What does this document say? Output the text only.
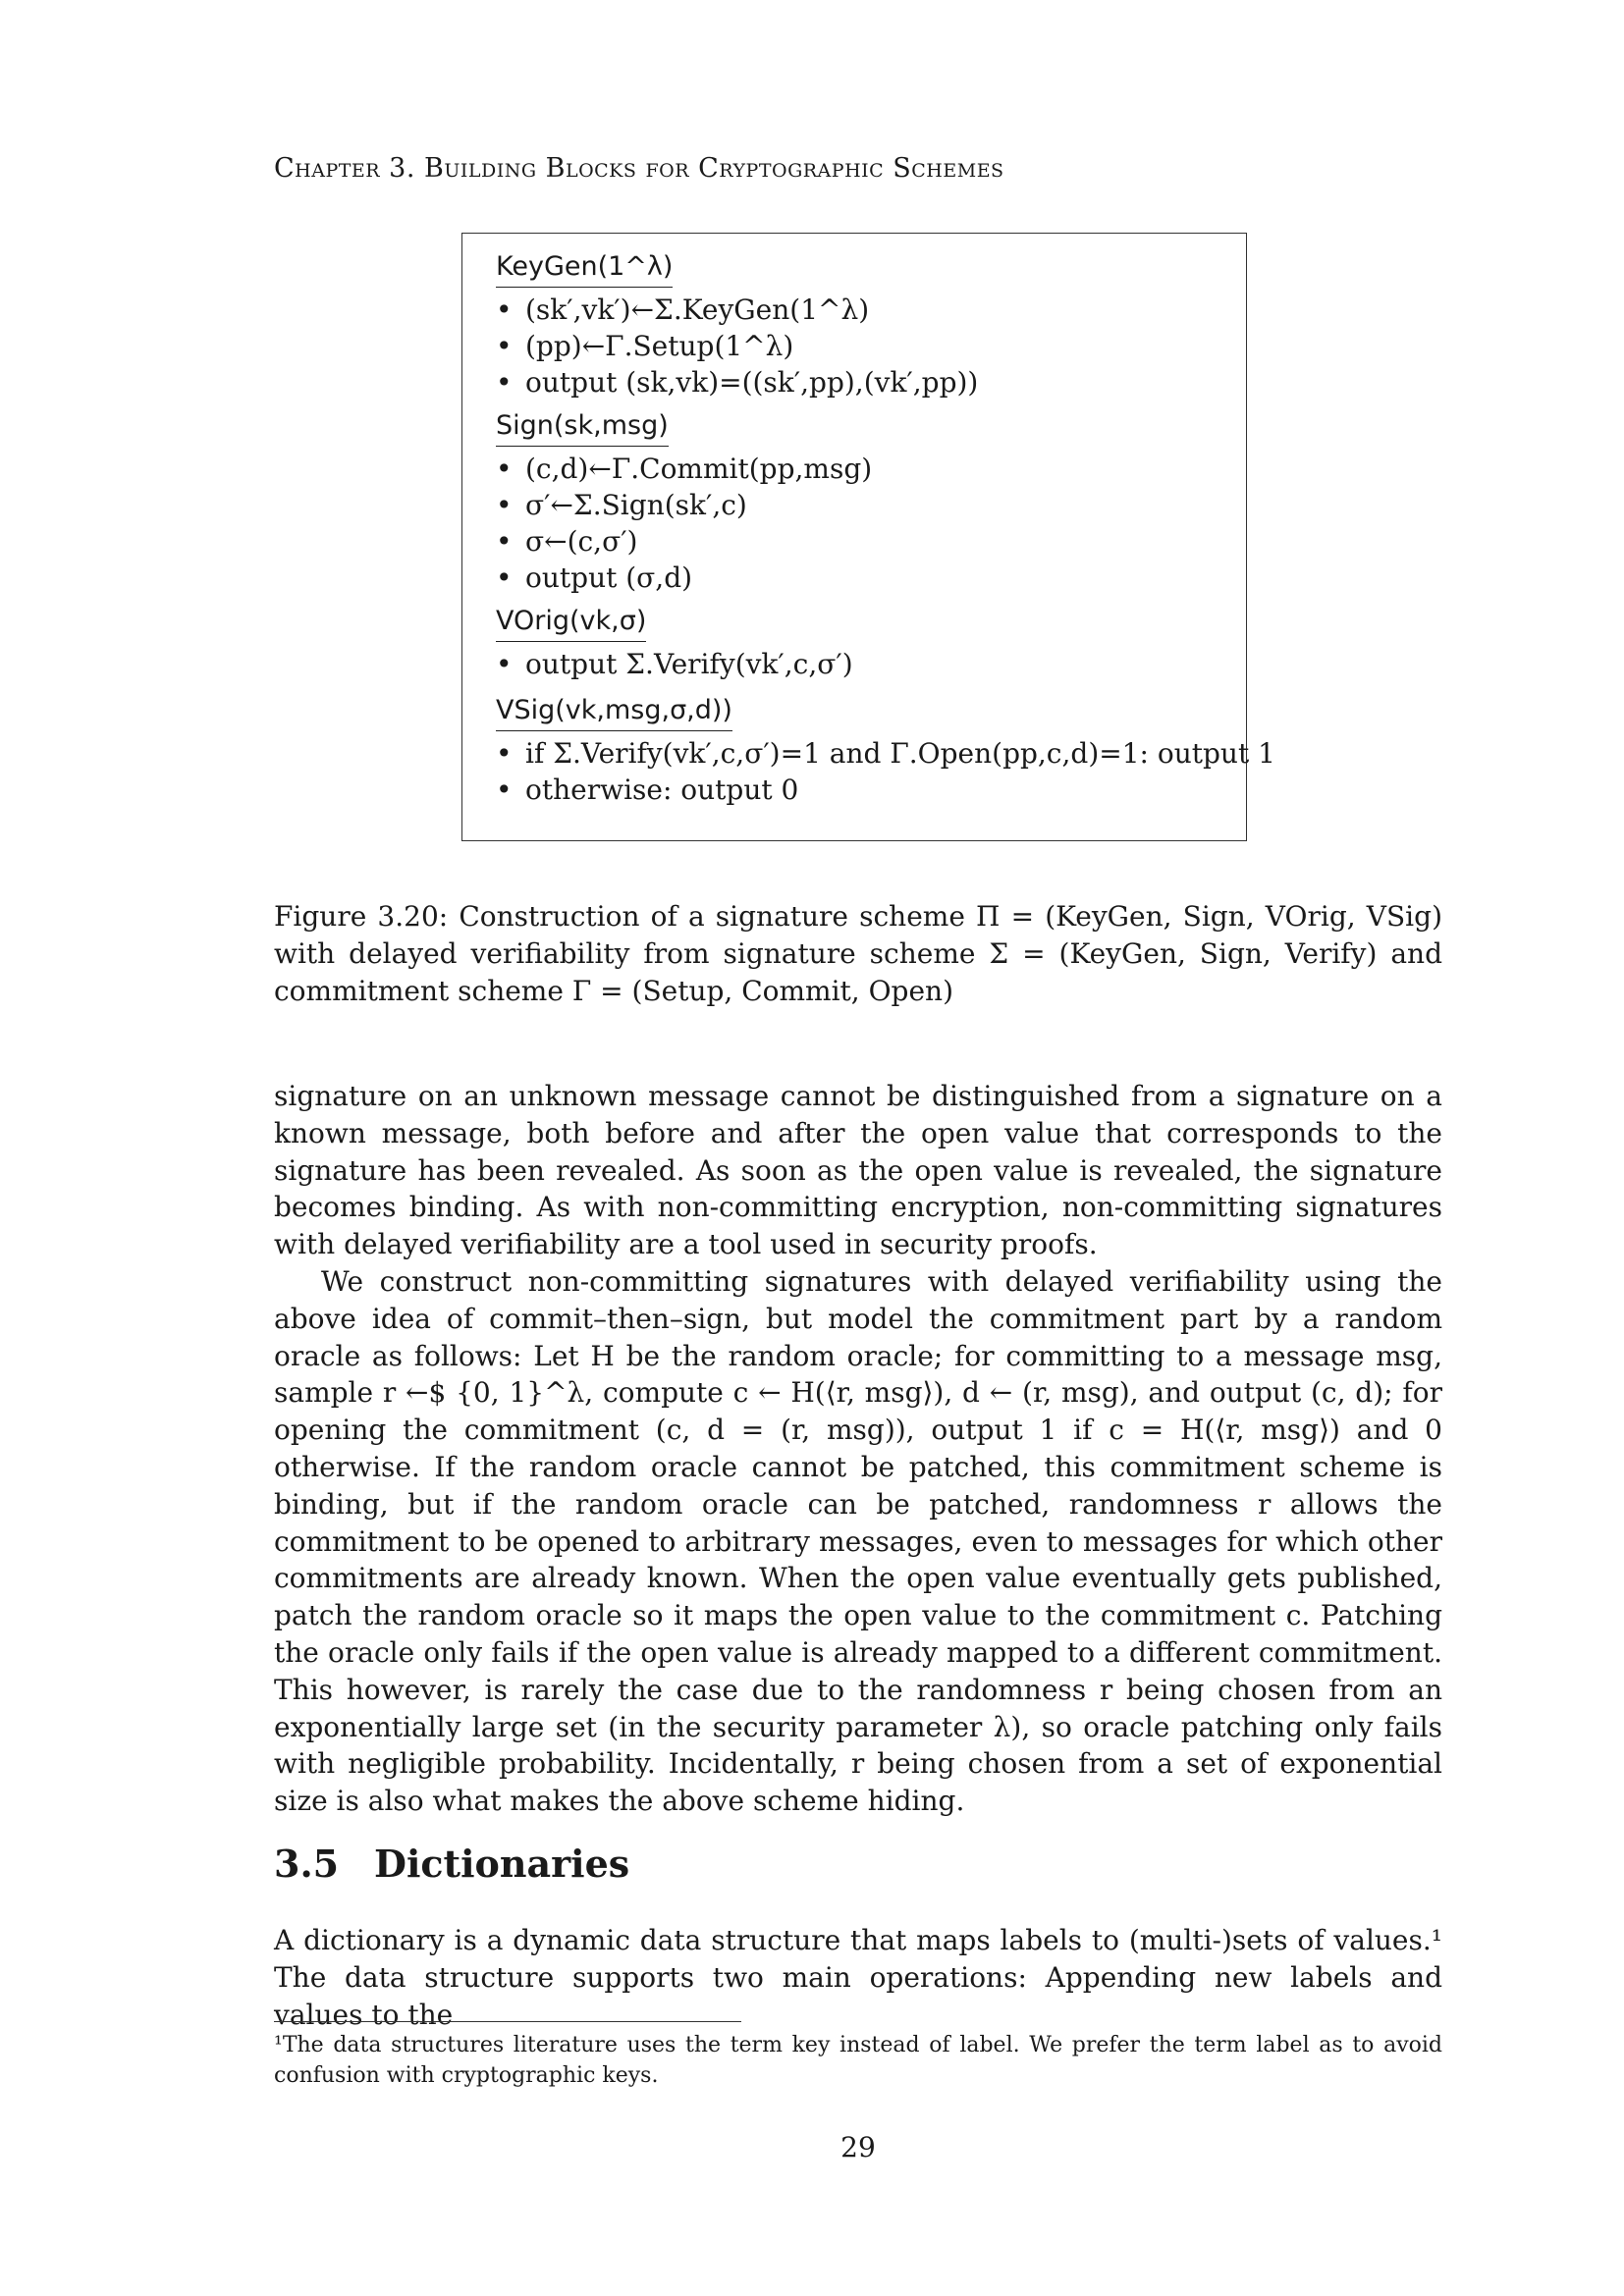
Chapter 3. Building Blocks for Cryptographic Schemes
KeyGen(1^λ)
• (sk′,vk′)←Σ.KeyGen(1^λ)
• (pp)←Γ.Setup(1^λ)
• output (sk,vk)=((sk′,pp),(vk′,pp))
Sign(sk,msg)
• (c,d)←Γ.Commit(pp,msg)
• σ′←Σ.Sign(sk′,c)
• σ←(c,σ′)
• output (σ,d)
VOrig(vk,σ)
• output Σ.Verify(vk′,c,σ′)
VSig(vk,msg,σ,d))
• if Σ.Verify(vk′,c,σ′)=1 and Γ.Open(pp,c,d)=1: output 1
• otherwise: output 0
Figure 3.20: Construction of a signature scheme Π = (KeyGen, Sign, VOrig, VSig) with delayed verifiability from signature scheme Σ = (KeyGen, Sign, Verify) and commitment scheme Γ = (Setup, Commit, Open)
signature on an unknown message cannot be distinguished from a signature on a known message, both before and after the open value that corresponds to the signature has been revealed. As soon as the open value is revealed, the signature becomes binding. As with non-committing encryption, non-committing signatures with delayed verifiability are a tool used in security proofs.
We construct non-committing signatures with delayed verifiability using the above idea of commit–then–sign, but model the commitment part by a random oracle as follows: Let H be the random oracle; for committing to a message msg, sample r ←$ {0, 1}^λ, compute c ← H(⟨r, msg⟩), d ← (r, msg), and output (c, d); for opening the commitment (c, d = (r, msg)), output 1 if c = H(⟨r, msg⟩) and 0 otherwise. If the random oracle cannot be patched, this commitment scheme is binding, but if the random oracle can be patched, randomness r allows the commitment to be opened to arbitrary messages, even to messages for which other commitments are already known. When the open value eventually gets published, patch the random oracle so it maps the open value to the commitment c. Patching the oracle only fails if the open value is already mapped to a different commitment. This however, is rarely the case due to the randomness r being chosen from an exponentially large set (in the security parameter λ), so oracle patching only fails with negligible probability. Incidentally, r being chosen from a set of exponential size is also what makes the above scheme hiding.
3.5 Dictionaries
A dictionary is a dynamic data structure that maps labels to (multi-)sets of values.¹ The data structure supports two main operations: Appending new labels and values to the
¹The data structures literature uses the term key instead of label. We prefer the term label as to avoid confusion with cryptographic keys.
29
